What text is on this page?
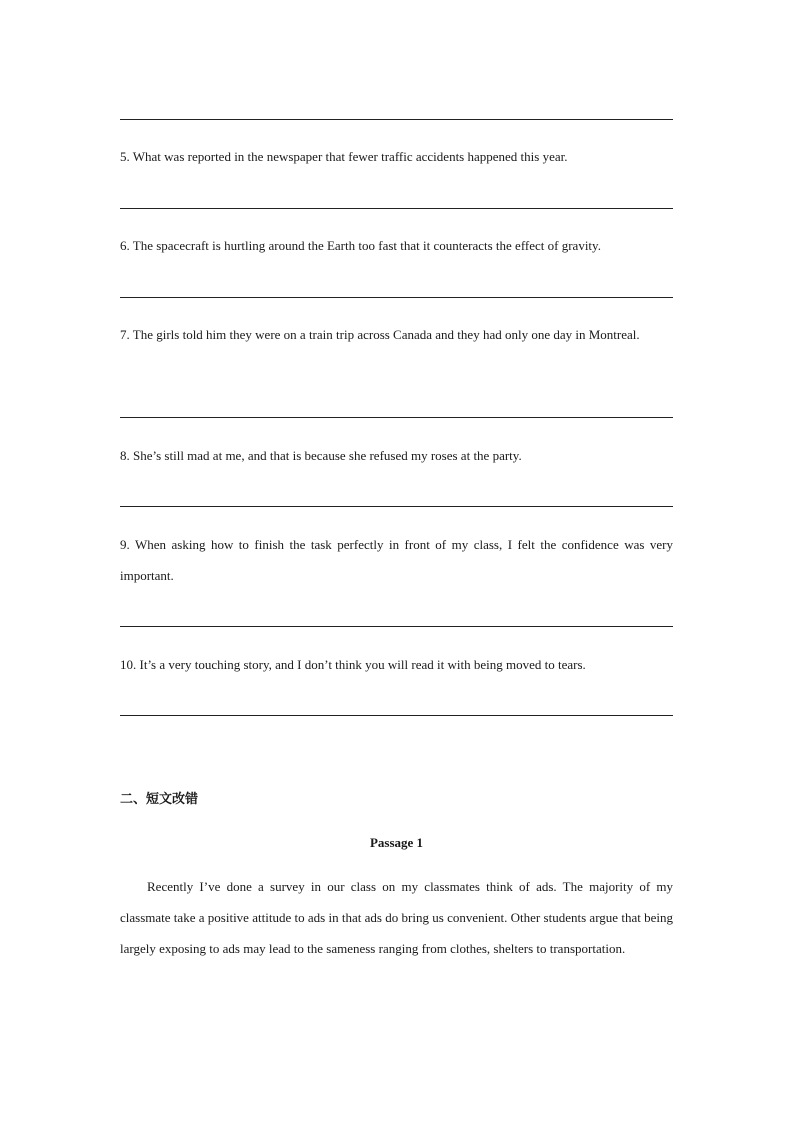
5. What was reported in the newspaper that fewer traffic accidents happened this year.

6. The spacecraft is hurtling around the Earth too fast that it counteracts the effect of gravity.

7. The girls told him they were on a train trip across Canada and they had only one day in Montreal.

8. She’s still mad at me, and that is because she refused my roses at the party.

9. When asking how to finish the task perfectly in front of my class, I felt the confidence was very important.

10. It’s a very touching story, and I don’t think you will read it with being moved to tears.

二、短文改错

Passage 1

Recently I’ve done a survey in our class on my classmates think of ads. The majority of my classmate take a positive attitude to ads in that ads do bring us convenient. Other students argue that being largely exposing to ads may lead to the sameness ranging from clothes, shelters to transportation.
